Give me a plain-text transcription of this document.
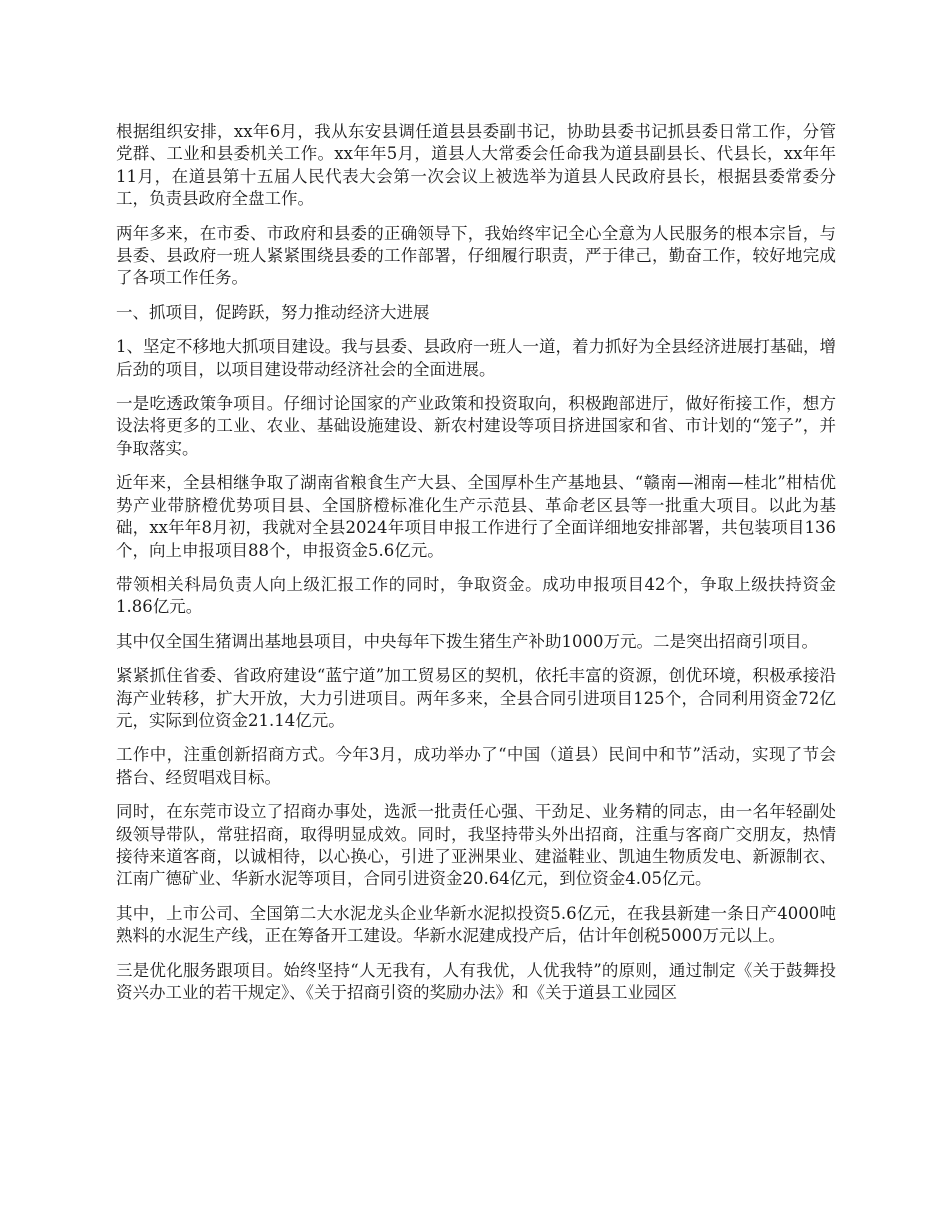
根据组织安排，xx年6月，我从东安县调任道县县委副书记，协助县委书记抓县委日常工作，分管党群、工业和县委机关工作。xx年年5月，道县人大常委会任命我为道县副县长、代县长，xx年年11月，在道县第十五届人民代表大会第一次会议上被选举为道县人民政府县长，根据县委常委分工，负责县政府全盘工作。

两年多来，在市委、市政府和县委的正确领导下，我始终牢记全心全意为人民服务的根本宗旨，与县委、县政府一班人紧紧围绕县委的工作部署，仔细履行职责，严于律己，勤奋工作，较好地完成了各项工作任务。

一、抓项目，促跨跃，努力推动经济大进展

1、坚定不移地大抓项目建设。我与县委、县政府一班人一道，着力抓好为全县经济进展打基础，增后劲的项目，以项目建设带动经济社会的全面进展。

一是吃透政策争项目。仔细讨论国家的产业政策和投资取向，积极跑部进厅，做好衔接工作，想方设法将更多的工业、农业、基础设施建设、新农村建设等项目挤进国家和省、市计划的“笼子”，并争取落实。

近年来，全县相继争取了湖南省粮食生产大县、全国厚朴生产基地县、“赣南—湘南—桂北”柑桔优势产业带脐橙优势项目县、全国脐橙标准化生产示范县、革命老区县等一批重大项目。以此为基础，xx年年8月初，我就对全县2024年项目申报工作进行了全面详细地安排部署，共包装项目136个，向上申报项目88个，申报资金5.6亿元。

带领相关科局负责人向上级汇报工作的同时，争取资金。成功申报项目42个，争取上级扶持资金1.86亿元。

其中仅全国生猪调出基地县项目，中央每年下拨生猪生产补助1000万元。二是突出招商引项目。

紧紧抓住省委、省政府建设“蓝宁道”加工贸易区的契机，依托丰富的资源，创优环境，积极承接沿海产业转移，扩大开放，大力引进项目。两年多来，全县合同引进项目125个，合同利用资金72亿元，实际到位资金21.14亿元。

工作中，注重创新招商方式。今年3月，成功举办了“中国（道县）民间中和节”活动，实现了节会搭台、经贸唱戏目标。

同时，在东莞市设立了招商办事处，选派一批责任心强、干劲足、业务精的同志，由一名年轻副处级领导带队，常驻招商，取得明显成效。同时，我坚持带头外出招商，注重与客商广交朋友，热情接待来道客商，以诚相待，以心换心，引进了亚洲果业、建溢鞋业、凯迪生物质发电、新源制衣、江南广德矿业、华新水泥等项目，合同引进资金20.64亿元，到位资金4.05亿元。

其中，上市公司、全国第二大水泥龙头企业华新水泥拟投资5.6亿元，在我县新建一条日产4000吨熟料的水泥生产线，正在筹备开工建设。华新水泥建成投产后，估计年创税5000万元以上。

三是优化服务跟项目。始终坚持“人无我有，人有我优，人优我特”的原则，通过制定《关于鼓舞投资兴办工业的若干规定》、《关于招商引资的奖励办法》和《关于道县工业园区
